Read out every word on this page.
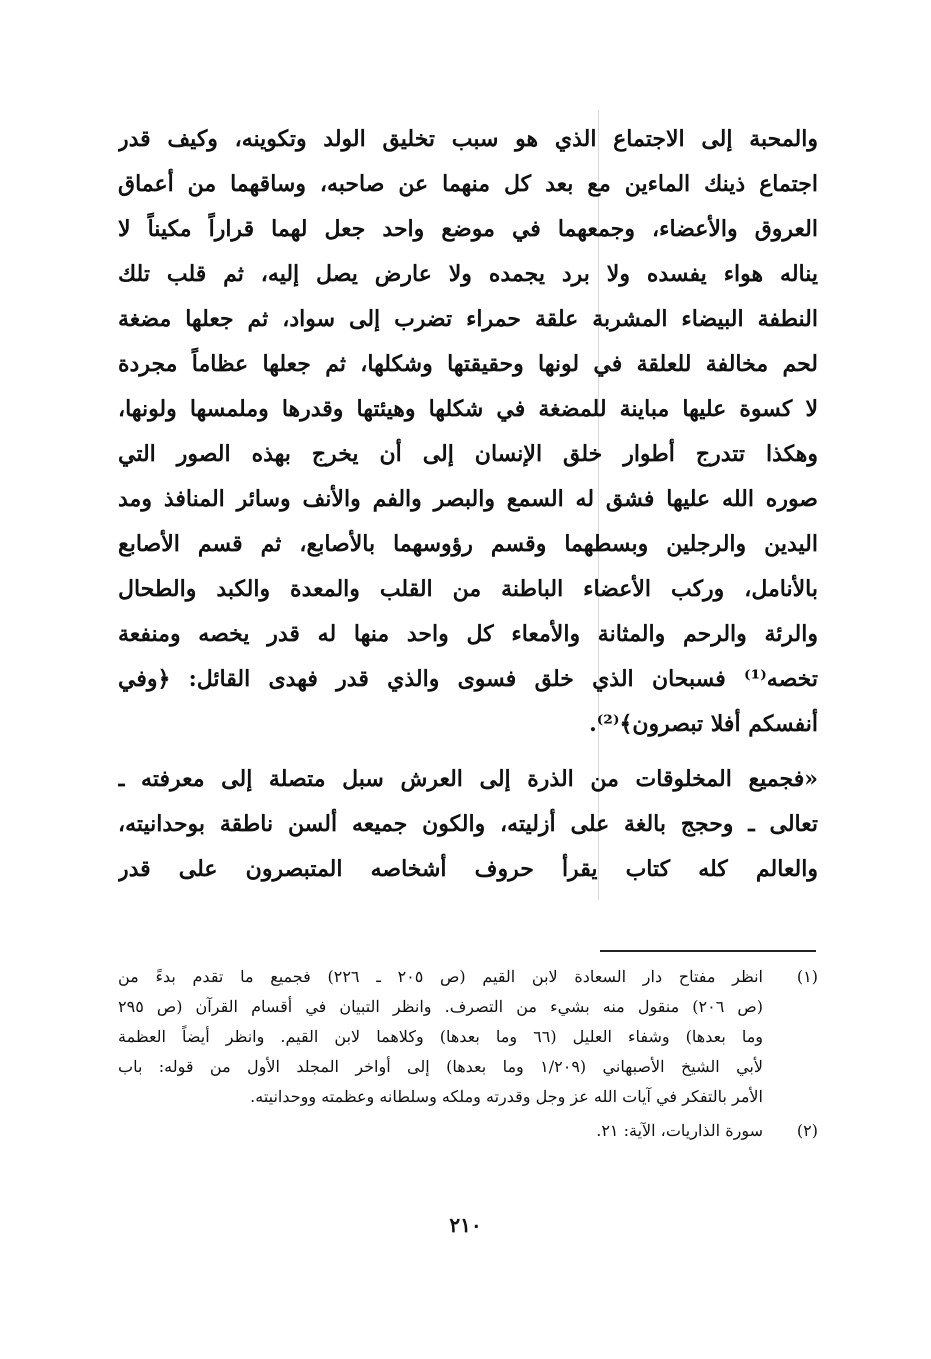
والمحبة إلى الاجتماع الذي هو سبب تخليق الولد وتكوينه، وكيف قدر
اجتماع ذينك الماءين مع بعد كل منهما عن صاحبه، وساقهما من أعماق
العروق والأعضاء، وجمعهما في موضع واحد جعل لهما قراراً مكيناً لا
يناله هواء يفسده ولا برد يجمده ولا عارض يصل إليه، ثم قلب تلك
النطفة البيضاء المشربة علقة حمراء تضرب إلى سواد، ثم جعلها مضغة
لحم مخالفة للعلقة في لونها وحقيقتها وشكلها، ثم جعلها عظاماً مجردة
لا كسوة عليها مباينة للمضغة في شكلها وهيئتها وقدرها وملمسها ولونها،
وهكذا تتدرج أطوار خلق الإنسان إلى أن يخرج بهذه الصور التي
صوره الله عليها فشق له السمع والبصر والفم والأنف وسائر المنافذ ومد
اليدين والرجلين وبسطهما وقسم رؤوسهما بالأصابع، ثم قسم الأصابع
بالأنامل، وركب الأعضاء الباطنة من القلب والمعدة والكبد والطحال
والرئة والرحم والمثانة والأمعاء كل واحد منها له قدر يخصه ومنفعة
تخصه⁽¹⁾ فسبحان الذي خلق فسوى والذي قدر فهدى القائل: ﴿وفي
أنفسكم أفلا تبصرون﴾⁽²⁾.
«فجميع المخلوقات من الذرة إلى العرش سبل متصلة إلى معرفته ـ
تعالى ـ وحجج بالغة على أزليته، والكون جميعه ألسن ناطقة بوحدانيته،
والعالم كله كتاب يقرأ حروف أشخاصه المتبصرون على قدر
(١)
انظر مفتاح دار السعادة لابن القيم (ص ٢٠٥ ـ ٢٢٦) فجميع ما تقدم بدءً من
(ص ٢٠٦) منقول منه بشيء من التصرف. وانظر التبيان في أقسام القرآن (ص ٢٩٥
وما بعدها) وشفاء العليل (٦٦ وما بعدها) وكلاهما لابن القيم. وانظر أيضاً العظمة
لأبي الشيخ الأصبهاني (١/٢٠٩ وما بعدها) إلى أواخر المجلد الأول من قوله: باب
الأمر بالتفكر في آيات الله عز وجل وقدرته وملكه وسلطانه وعظمته ووحدانيته.
(٢)
سورة الذاريات، الآية: ٢١.
٢١٠
